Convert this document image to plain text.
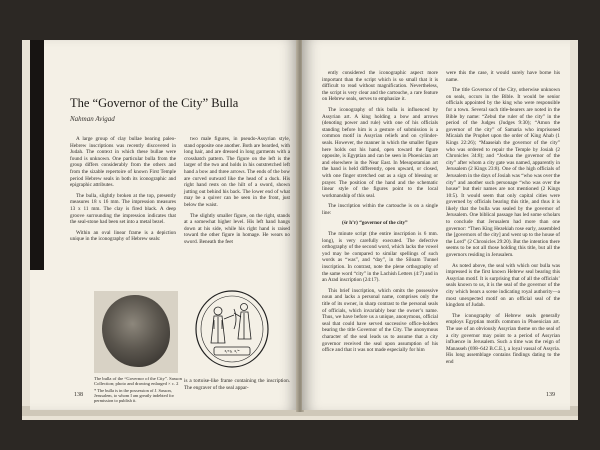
The “Governor of the City” Bulla
Nahman Avigad

A large group of clay bullae bearing paleo-Hebrew inscriptions was recently discovered in Judah. The context in which these bullae were found is unknown. One particular bulla from the group differs considerably from the others and from the sizable repertoire of known First Temple period Hebrew seals in both its iconographic and epigraphic attributes.

The bulla, slightly broken at the top, presently measures 18 x 16 mm. The impression measures 13 x 11 mm. The clay is fired black. A deep groove surrounding the impression indicates that the seal-stone had been set into a metal bezel.

Within an oval linear frame is a depiction unique in the iconography of Hebrew seals:

two male figures, in pseudo-Assyrian style, stand opposite one another. Both are bearded, with long hair, and are dressed in long garments with a crosshatch pattern. The figure on the left is the larger of the two and holds in his outstretched left hand a bow and three arrows. The ends of the bow are curved outward like the head of a duck. His right hand rests on the hilt of a sword, shown jutting out behind his back. The lower end of what may be a quiver can be seen in the front, just below the waist.

The slightly smaller figure, on the right, stands at a somewhat higher level. His left hand hangs down at his side, while his right hand is raised toward the other figure in homage. He wears no sword. Beneath the feet

𐤔𐤓 𐤄𐤏𐤓
The bulla of the “Governor of the City”. Sasson Collection; photo and drawing enlarged × c. 2
* The bulla is in the possession of J. Sasson, Jerusalem, to whom I am greatly indebted for permission to publish it.

is a tortoise-like frame containing the inscription. The engraver of the seal appar-

138

ently considered the iconographic aspect more important than the script which is so small that it is difficult to read without magnification. Nevertheless, the script is very clear and the cartouche, a rare feature on Hebrew seals, serves to emphasize it.

The iconography of this bulla is influenced by Assyrian art. A king holding a bow and arrows (denoting power and rule) with one of his officials standing before him is a gesture of submission is a common motif in Assyrian reliefs and on cylinder-seals. However, the manner in which the smaller figure here holds out his hand, open toward the figure opposite, is Egyptian and can be seen in Phoenician art and elsewhere in the Near East. In Mesopotamian art the hand is held differently, open upward, or closed, with one finger stretched out as a sign of blessing or prayer. The position of the hand and the schematic linear style of the figures point to the local workmanship of this seal.

The inscription within the cartouche is on a single line:

(śr h’r) “governor of the city”

The minute script (the entire inscription is 6 mm. long), is very carefully executed. The defective orthography of the second word, which lacks the vowel yod may be compared to similar spellings of such words as “was”, and “day”, in the Siloam Tunnel inscription. In contrast, note the plene orthography of the same word “city” in the Lachish Letters (4:7) and in an Arad inscription (24:17).

This brief inscription, which omits the possessive noun and lacks a personal name, comprises only the title of its owner, in sharp contrast to the personal seals of officials, which invariably bear the owner’s name. Thus, we have before us a unique, anonymous, official seal that could have served successive office-holders bearing the title Governor of the City. The anonymous character of the seal leads us to assume that a city governor received the seal upon assumption of his office and that it was not made especially for him

were this the case, it would surely have borne his name.

The title Governor of the City, otherwise unknown on seals, occurs in the Bible. It would be senior officials appointed by the king who were responsible for a town. Several such title-bearers are noted in the Bible by name: “Zebul the ruler of the city” in the period of the Judges (Judges 9:30); “Amon the governor of the city” of Samaria who imprisoned Micaiah the Prophet upon the order of King Ahab (1 Kings 22:26); “Maaseiah the governor of the city” who was ordered to repair the Temple by Josiah (2 Chronicles 34:8); and “Joshua the governor of the city” after whom a city gate was named, apparently in Jerusalem (2 Kings 23:8). One of the high officials of Jerusalem in the days of Josiah was “who was over the city” and another such personage “who was over the house” but their names are not mentioned (2 Kings 10:5). It would seem that only capital cities were governed by officials bearing this title, and thus it is likely that the bulla was sealed by the governor of Jerusalem. One biblical passage has led some scholars to conclude that Jerusalem had more than one governor: “Then King Hezekiah rose early, assembled the [governors of the city] and went up to the house of the Lord” (2 Chronicles 29:20). But the intention there seems to be not all those holding this title, but all the governors residing in Jerusalem.

As noted above, the seal with which our bulla was impressed is the first known Hebrew seal bearing this Assyrian motif. It is surprising that of all the officials’ seals known to us, it is the seal of the governor of the city which bears a scene indicating royal authority—a most unexpected motif on an official seal of the kingdom of Judah.

The iconography of Hebrew seals generally employs Egyptian motifs common in Phoenician art. The use of an obviously Assyrian theme on the seal of a city governor may point to a period of Assyrian influence in Jerusalem. Such a time was the reign of Manasseh (698–642 B.C.E.), a loyal vassal of Assyria. His long assemblage contains findings dating to the end

139
